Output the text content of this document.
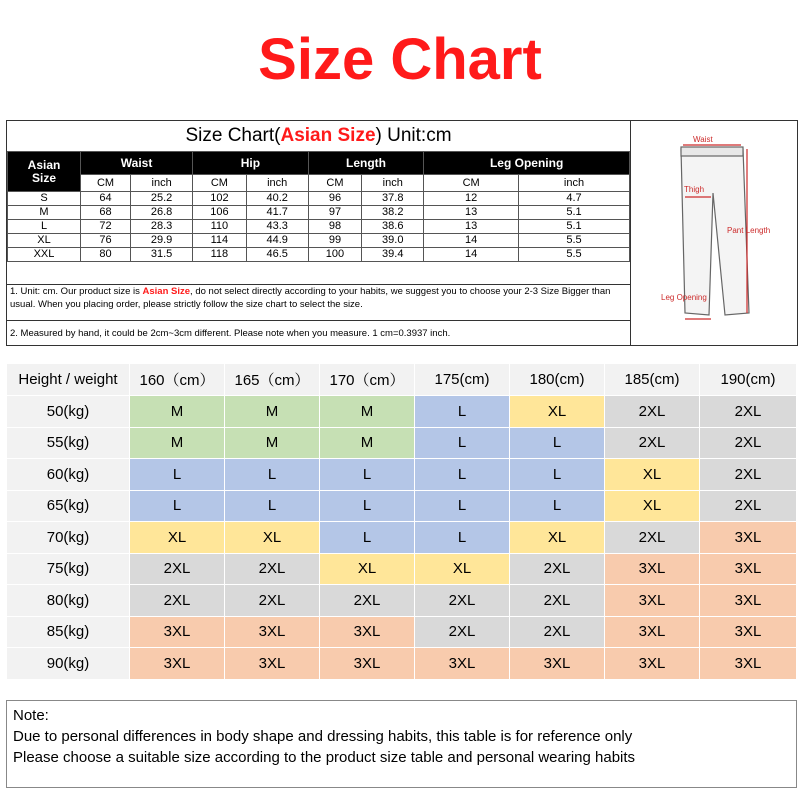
Size Chart
Size Chart(Asian Size) Unit:cm
Asian
Size	Waist		Hip		Length		Leg Opening	
	CM	inch	CM	inch	CM	inch	CM	inch
S	64	25.2	102	40.2	96	37.8	12	4.7
M	68	26.8	106	41.7	97	38.2	13	5.1
L	72	28.3	110	43.3	98	38.6	13	5.1
XL	76	29.9	114	44.9	99	39.0	14	5.5
XXL	80	31.5	118	46.5	100	39.4	14	5.5
1. Unit: cm. Our product size is Asian Size, do not select directly according to your habits, we suggest you to choose your 2-3 Size Bigger than usual. When you placing order, please strictly follow the size chart to select the size.
2. Measured by hand, it could be 2cm~3cm different. Please note when you measure. 1 cm=0.3937 inch.
Waist
Thigh
Pant Length
Leg Opening
Height / weight	160（cm）	165（cm）	170（cm）	175(cm)	180(cm)	185(cm)	190(cm)
50(kg)	M	M	M	L	XL	2XL	2XL
55(kg)	M	M	M	L	L	2XL	2XL
60(kg)	L	L	L	L	L	XL	2XL
65(kg)	L	L	L	L	L	XL	2XL
70(kg)	XL	XL	L	L	XL	2XL	3XL
75(kg)	2XL	2XL	XL	XL	2XL	3XL	3XL
80(kg)	2XL	2XL	2XL	2XL	2XL	3XL	3XL
85(kg)	3XL	3XL	3XL	2XL	2XL	3XL	3XL
90(kg)	3XL	3XL	3XL	3XL	3XL	3XL	3XL
Note:
Due to personal differences in body shape and dressing habits, this table is for reference only
Please choose a suitable size according to the product size table and personal wearing habits
